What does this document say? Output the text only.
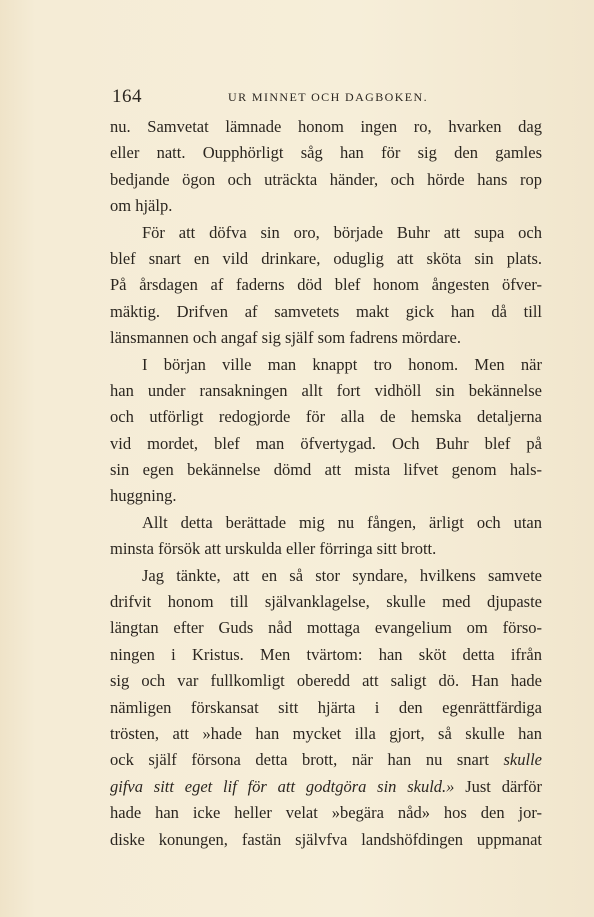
164	UR MINNET OCH DAGBOKEN.
nu. Samvetat lämnade honom ingen ro, hvarken dag
eller natt. Oupphörligt såg han för sig den gamles
bedjande ögon och uträckta händer, och hörde hans rop
om hjälp.
För att döfva sin oro, började Buhr att supa och
blef snart en vild drinkare, oduglig att sköta sin plats.
På årsdagen af faderns död blef honom ångesten öfver-
mäktig. Drifven af samvetets makt gick han då till
länsmannen och angaf sig själf som fadrens mördare.
I början ville man knappt tro honom. Men när
han under ransakningen allt fort vidhöll sin bekännelse
och utförligt redogjorde för alla de hemska detaljerna
vid mordet, blef man öfvertygad. Och Buhr blef på
sin egen bekännelse dömd att mista lifvet genom hals-
huggning.
Allt detta berättade mig nu fången, ärligt och utan
minsta försök att urskulda eller förringa sitt brott.
Jag tänkte, att en så stor syndare, hvilkens samvete
drifvit honom till självanklagelse, skulle med djupaste
längtan efter Guds nåd mottaga evangelium om förso-
ningen i Kristus. Men tvärtom: han sköt detta ifrån
sig och var fullkomligt oberedd att saligt dö. Han hade
nämligen förskansat sitt hjärta i den egenrättfärdiga
trösten, att »hade han mycket illa gjort, så skulle han
ock själf försona detta brott, när han nu snart skulle
gifva sitt eget lif för att godtgöra sin skuld.» Just därför
hade han icke heller velat »begära nåd» hos den jor-
diske konungen, fastän självfva landshöfdingen uppmanat
